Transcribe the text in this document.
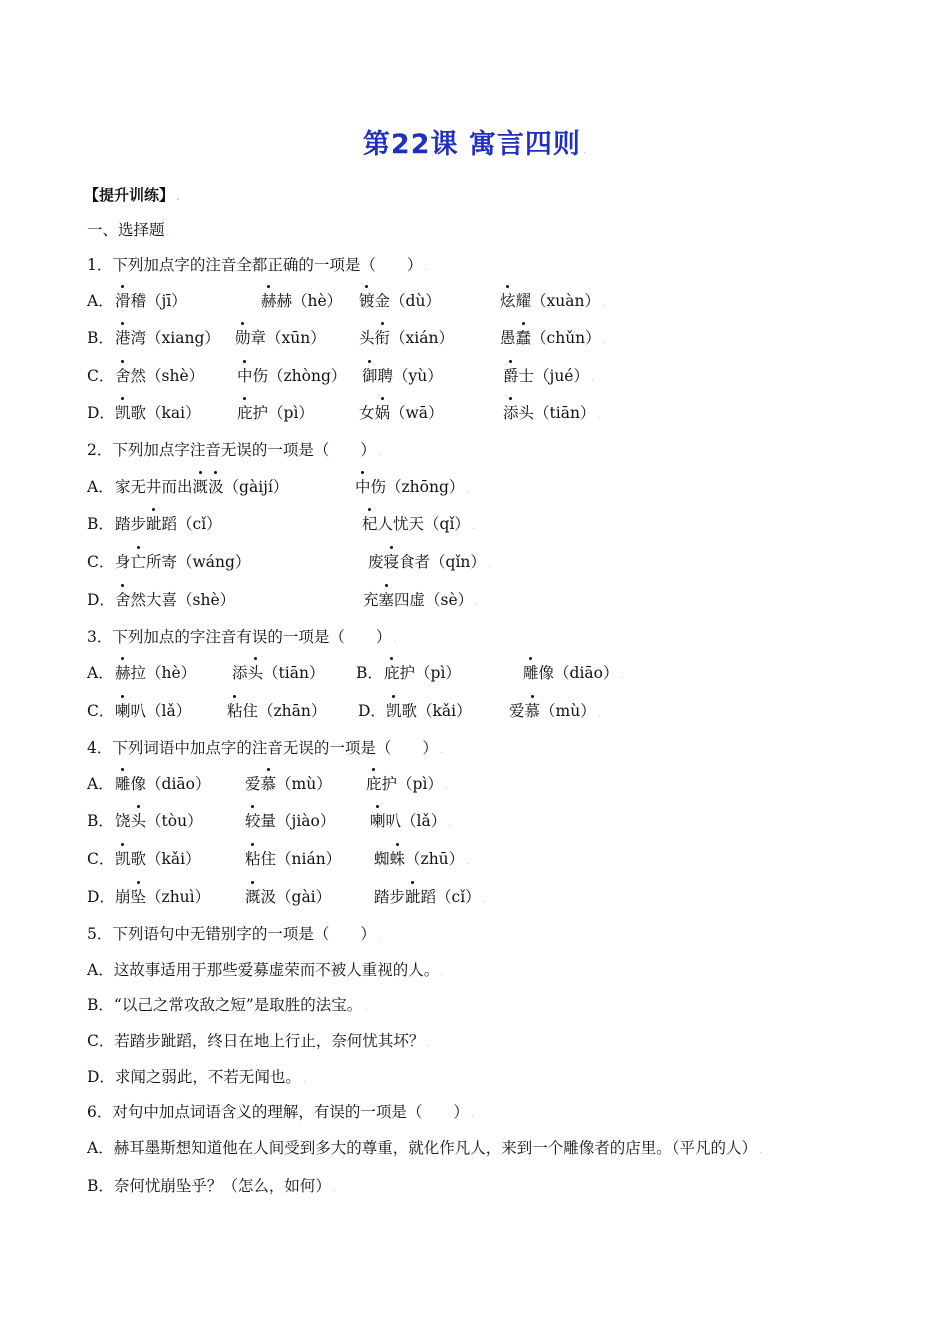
第22课 寓言四则 .
【提升训练】 .
一、选择题 .
1．下列加点字的注音全都正确的一项是（　　） .
A． 滑稽（jī）	赫赫（hè） 镀金（dù）	炫耀（xuàn） .
B． 港湾（xiang） 勋章（xūn） 头衔（xián）	愚蠢（chǔn） .
C． 舍然（shè） 中伤（zhòng） 御聘（yù）	爵士（jué） .
D． 凯歌（kai） 庇护（pì）	女娲（wā）	添头（tiān） .
2．下列加点字注音无误的一项是（　　） .
A． 家无井而出溉汲（gàijí）	中伤（zhōng） .
B． 踏步跐蹈（cǐ）	杞人忧天（qǐ） .
C． 身亡所寄（wáng）	废寝食者（qǐn） .
D． 舍然大喜（shè）	充塞四虚（sè） .
3．下列加点的字注音有误的一项是（　　） .
A． 赫拉（hè） 添头（tiān） B． 庇护（pì）	雕像（diāo） .
C． 喇叭（lǎ） 粘住（zhān） D． 凯歌（kǎi） 爱慕（mù） .
4．下列词语中加点字的注音无误的一项是（　　） .
A． 雕像（diāo） 爱慕（mù） 庇护（pì） .
B． 饶头（tòu）	较量（jiào） 喇叭（lǎ） .
C． 凯歌（kǎi）	粘住（nián） 蜘蛛（zhū） .
D． 崩坠（zhuì） 溉汲（gài）	踏步跐蹈（cǐ） .
5．下列语句中无错别字的一项是（　　） .
A．这故事适用于那些爱募虚荣而不被人重视的人。 .
B．“以己之常攻敌之短”是取胜的法宝。 .
C．若踏步跐蹈，终日在地上行止，奈何忧其坏？ .
D．求闻之弱此，不若无闻也。 .
6．对句中加点词语含义的理解，有误的一项是（　　） .
A．赫耳墨斯想知道他在人间受到多大的尊重，就化作凡人，来到一个雕像者的店里。（平凡的人） .
B．奈何忧崩坠乎？（怎么，如何） .
